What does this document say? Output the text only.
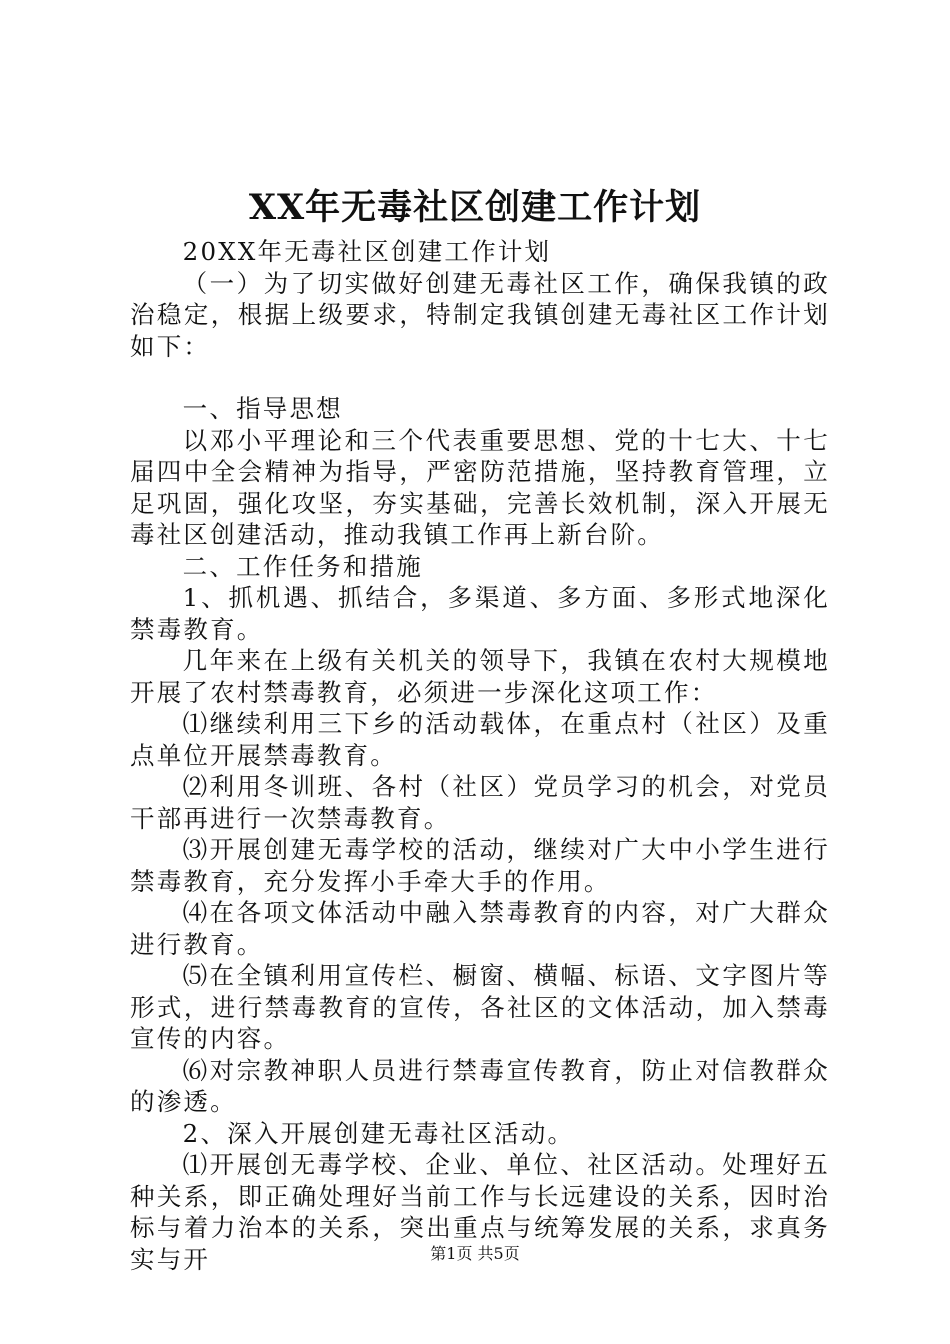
XX年无毒社区创建工作计划

20XX年无毒社区创建工作计划

（一）为了切实做好创建无毒社区工作，确保我镇的政治稳定，根据上级要求，特制定我镇创建无毒社区工作计划如下：

一、指导思想

以邓小平理论和三个代表重要思想、党的十七大、十七届四中全会精神为指导，严密防范措施，坚持教育管理，立足巩固，强化攻坚，夯实基础，完善长效机制，深入开展无毒社区创建活动，推动我镇工作再上新台阶。

二、工作任务和措施

1、抓机遇、抓结合，多渠道、多方面、多形式地深化禁毒教育。

几年来在上级有关机关的领导下，我镇在农村大规模地开展了农村禁毒教育，必须进一步深化这项工作：

⑴继续利用三下乡的活动载体，在重点村（社区）及重点单位开展禁毒教育。

⑵利用冬训班、各村（社区）党员学习的机会，对党员干部再进行一次禁毒教育。

⑶开展创建无毒学校的活动，继续对广大中小学生进行禁毒教育，充分发挥小手牵大手的作用。

⑷在各项文体活动中融入禁毒教育的内容，对广大群众进行教育。

⑸在全镇利用宣传栏、橱窗、横幅、标语、文字图片等形式，进行禁毒教育的宣传，各社区的文体活动，加入禁毒宣传的内容。

⑹对宗教神职人员进行禁毒宣传教育，防止对信教群众的渗透。

2、深入开展创建无毒社区活动。

⑴开展创无毒学校、企业、单位、社区活动。处理好五种关系，即正确处理好当前工作与长远建设的关系，因时治标与着力治本的关系，突出重点与统筹发展的关系，求真务实与开	第1页 共5页
